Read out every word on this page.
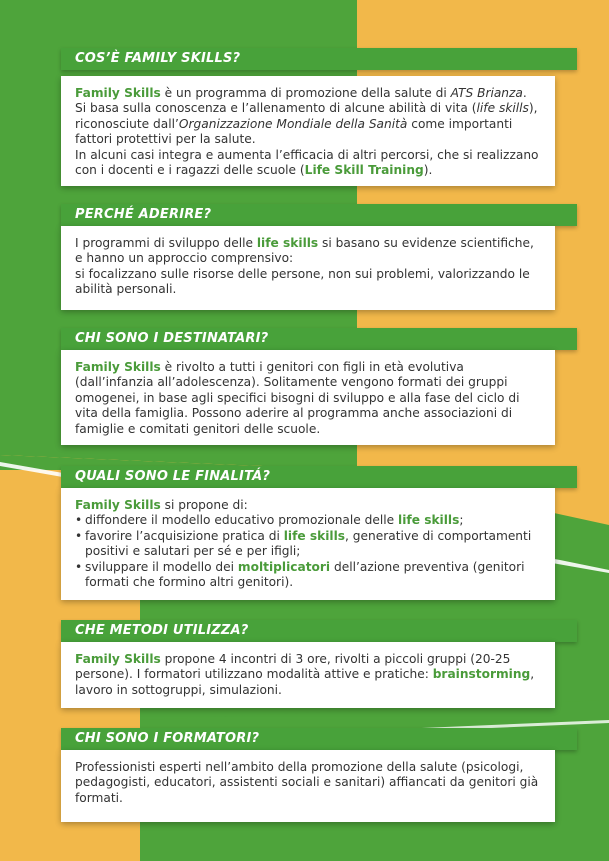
COS’È FAMILY SKILLS?

Family Skills è un programma di promozione della salute di ATS Brianza. Si basa sulla conoscenza e l’allenamento di alcune abilità di vita (life skills), riconosciute dall’Organizzazione Mondiale della Sanità come importanti fattori protettivi per la salute.

In alcuni casi integra e aumenta l’efficacia di altri percorsi, che si realizzano con i docenti e i ragazzi delle scuole (Life Skill Training).

PERCHÉ ADERIRE?

I programmi di sviluppo delle life skills si basano su evidenze scientifiche, e hanno un approccio comprensivo:

si focalizzano sulle risorse delle persone, non sui problemi, valorizzando le abilità personali.

CHI SONO I DESTINATARI?

Family Skills è rivolto a tutti i genitori con figli in età evolutiva (dall’infanzia all’adolescenza). Solitamente vengono formati dei gruppi omogenei, in base agli specifici bisogni di sviluppo e alla fase del ciclo di vita della famiglia. Possono aderire al programma anche associazioni di famiglie e comitati genitori delle scuole.

QUALI SONO LE FINALITÁ?

Family Skills si propone di:

• diffondere il modello educativo promozionale delle life skills;
• favorire l’acquisizione pratica di life skills, generative di comportamenti positivi e salutari per sé e per ifigli;
• sviluppare il modello dei moltiplicatori dell’azione preventiva (genitori formati che formino altri genitori).
CHE METODI UTILIZZA?

Family Skills propone 4 incontri di 3 ore, rivolti a piccoli gruppi (20-25 persone). I formatori utilizzano modalità attive e pratiche: brainstorming, lavoro in sottogruppi, simulazioni.

CHI SONO I FORMATORI?

Professionisti esperti nell’ambito della promozione della salute (psicologi, pedagogisti, educatori, assistenti sociali e sanitari) affiancati da genitori già formati.
